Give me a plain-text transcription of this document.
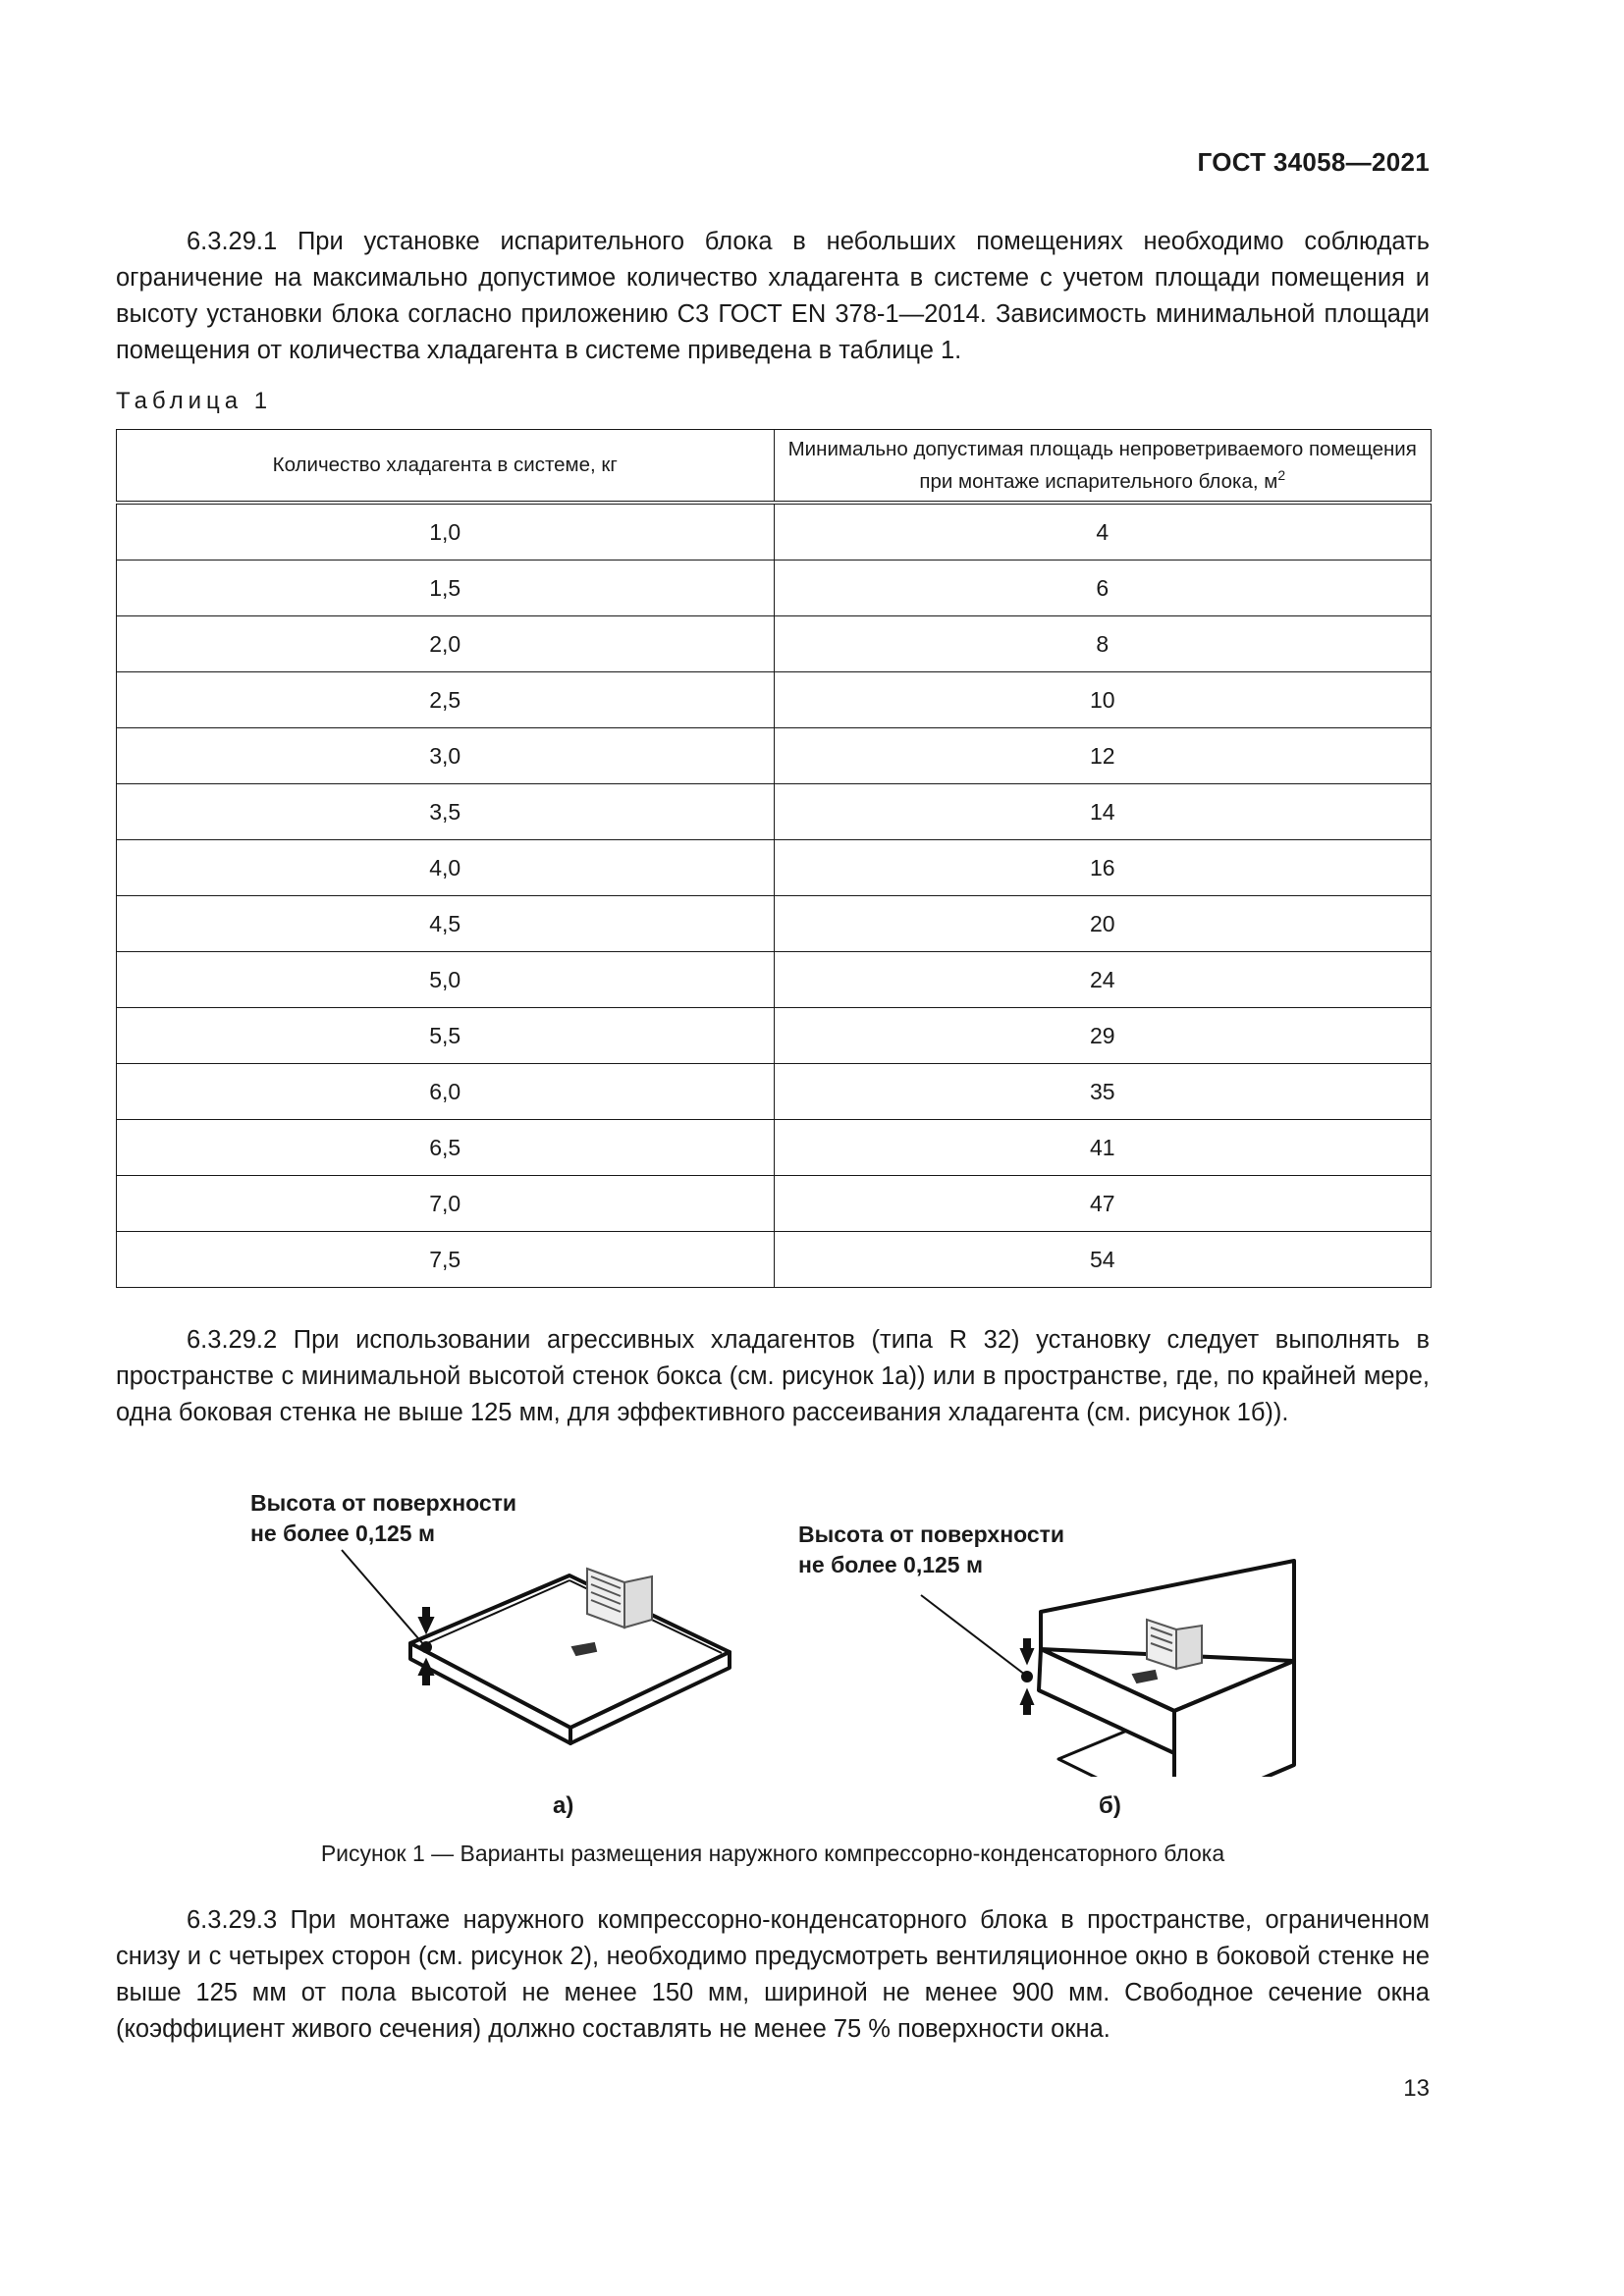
ГОСТ 34058—2021

6.3.29.1 При установке испарительного блока в небольших помещениях необходимо соблюдать ограничение на максимально допустимое количество хладагента в системе с учетом площади помещения и высоту установки блока согласно приложению С3 ГОСТ EN 378-1—2014. Зависимость минимальной площади помещения от количества хладагента в системе приведена в таблице 1.

Таблица 1
Количество хладагента в системе, кг	Минимально допустимая площадь непроветриваемого помещения при монтаже испарительного блока, $м^2$
1,0	4
1,5	6
2,0	8
2,5	10
3,0	12
3,5	14
4,0	16
4,5	20
5,0	24
5,5	29
6,0	35
6,5	41
7,0	47
7,5	54

6.3.29.2 При использовании агрессивных хладагентов (типа R 32) установку следует выполнять в пространстве с минимальной высотой стенок бокса (см. рисунок 1а)) или в пространстве, где, по крайней мере, одна боковая стенка не выше 125 мм, для эффективного рассеивания хладагента (см. рисунок 1б)).

Высота от поверхности
не более 0,125 м	Высота от поверхности
не более 0,125 м
а)	б)
Рисунок 1 — Варианты размещения наружного компрессорно-конденсаторного блока

6.3.29.3 При монтаже наружного компрессорно-конденсаторного блока в пространстве, ограниченном снизу и с четырех сторон (см. рисунок 2), необходимо предусмотреть вентиляционное окно в боковой стенке не выше 125 мм от пола высотой не менее 150 мм, шириной не менее 900 мм. Свободное сечение окна (коэффициент живого сечения) должно составлять не менее 75 % поверхности окна.

13
